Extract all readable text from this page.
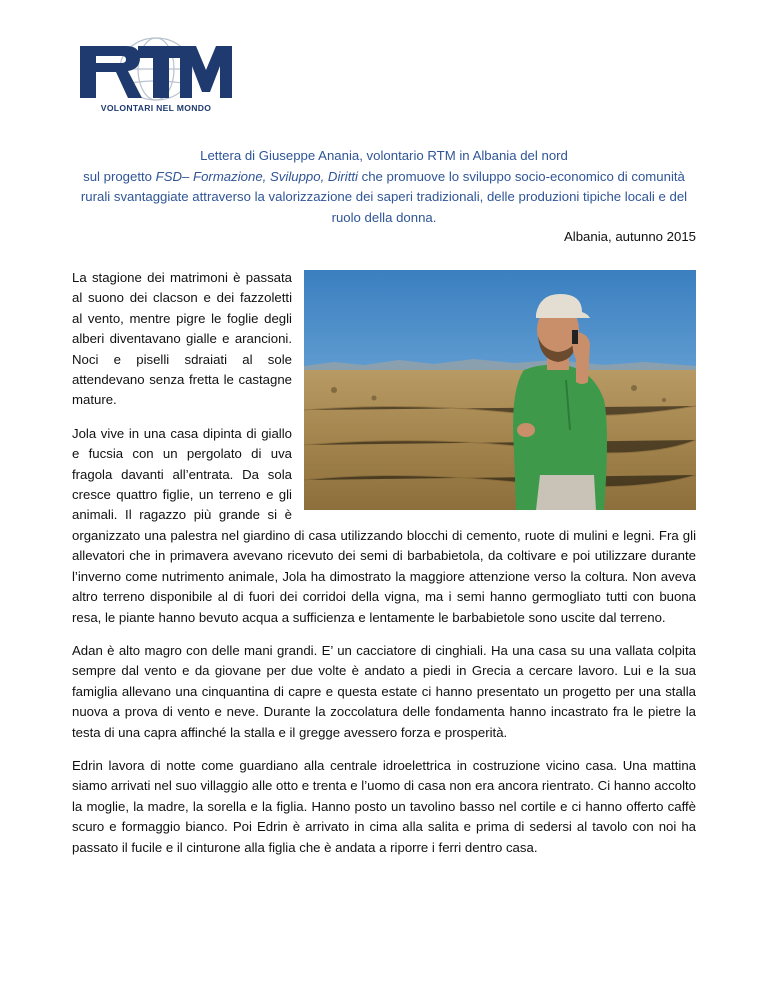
VOLONTARI NEL MONDO
Lettera di Giuseppe Anania, volontario RTM in Albania del nord
sul progetto FSD– Formazione, Sviluppo, Diritti che promuove lo sviluppo socio-economico di comunità rurali svantaggiate attraverso la valorizzazione dei saperi tradizionali, delle produzioni tipiche locali e del ruolo della donna.
Albania, autunno 2015

La stagione dei matrimoni è passata al suono dei clacson e dei fazzoletti al vento, mentre pigre le foglie degli alberi diventavano gialle e arancioni. Noci e piselli sdraiati al sole attendevano senza fretta le castagne mature.

Jola vive in una casa dipinta di giallo e fucsia con un pergolato di uva fragola davanti all’entrata. Da sola cresce quattro figlie, un terreno e gli animali. Il ragazzo più grande si è organizzato una palestra nel giardino di casa utilizzando blocchi di cemento, ruote di mulini e legni. Fra gli allevatori che in primavera avevano ricevuto dei semi di barbabietola, da coltivare e poi utilizzare durante l’inverno come nutrimento animale, Jola ha dimostrato la maggiore attenzione verso la coltura. Non aveva altro terreno disponibile al di fuori dei corridoi della vigna, ma i semi hanno germogliato tutti con buona resa, le piante hanno bevuto acqua a sufficienza e lentamente le barbabietole sono uscite dal terreno.

Adan è alto magro con delle mani grandi. E’ un cacciatore di cinghiali. Ha una casa su una vallata colpita sempre dal vento e da giovane per due volte è andato a piedi in Grecia a cercare lavoro. Lui e la sua famiglia allevano una cinquantina di capre e questa estate ci hanno presentato un progetto per una stalla nuova a prova di vento e neve. Durante la zoccolatura delle fondamenta hanno incastrato fra le pietre la testa di una capra affinché la stalla e il gregge avessero forza e prosperità.

Edrin lavora di notte come guardiano alla centrale idroelettrica in costruzione vicino casa. Una mattina siamo arrivati nel suo villaggio alle otto e trenta e l’uomo di casa non era ancora rientrato. Ci hanno accolto la moglie, la madre, la sorella e la figlia. Hanno posto un tavolino basso nel cortile e ci hanno offerto caffè scuro e formaggio bianco. Poi Edrin è arrivato in cima alla salita e prima di sedersi al tavolo con noi ha passato il fucile e il cinturone alla figlia che è andata a riporre i ferri dentro casa.
